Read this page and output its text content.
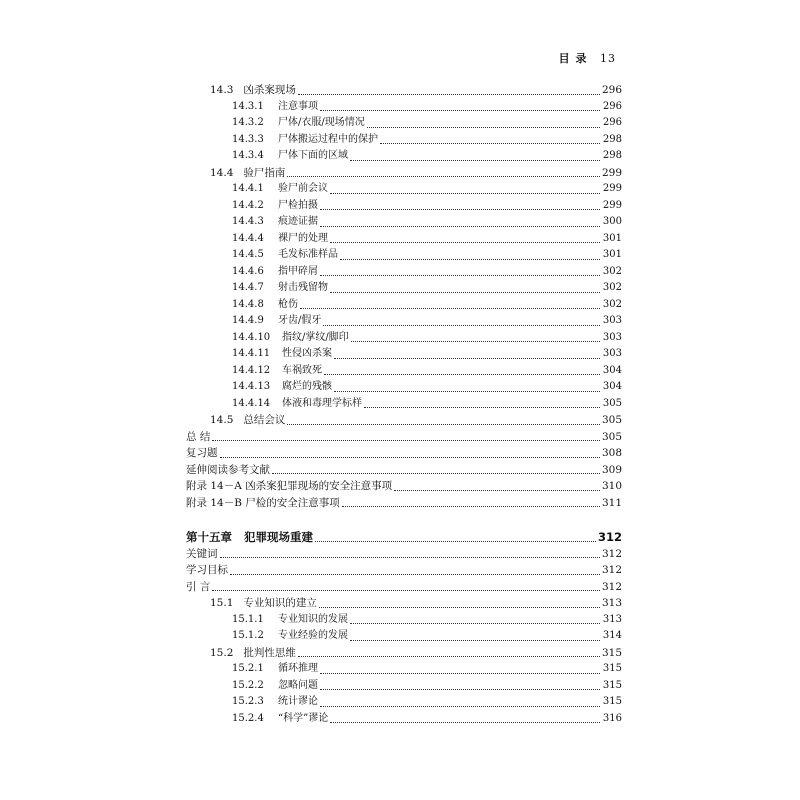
目 录 13
14.3 凶杀案现场	296
14.3.1 注意事项	296
14.3.2 尸体/衣服/现场情况	296
14.3.3 尸体搬运过程中的保护	298
14.3.4 尸体下面的区域	298
14.4 验尸指南	299
14.4.1 验尸前会议	299
14.4.2 尸检拍摄	299
14.4.3 痕迹证据	300
14.4.4 裸尸的处理	301
14.4.5 毛发标准样品	301
14.4.6 指甲碎屑	302
14.4.7 射击残留物	302
14.4.8 枪伤	302
14.4.9 牙齿/假牙	303
14.4.10 指纹/掌纹/脚印	303
14.4.11 性侵凶杀案	303
14.4.12 车祸致死	304
14.4.13 腐烂的残骸	304
14.4.14 体液和毒理学标样	305
14.5 总结会议	305
总 结	305
复习题	308
延伸阅读参考文献	309
附录 14－A 凶杀案犯罪现场的安全注意事项	310
附录 14－B 尸检的安全注意事项	311
第十五章 犯罪现场重建	312
关键词	312
学习目标	312
引 言	312
15.1 专业知识的建立	313
15.1.1 专业知识的发展	313
15.1.2 专业经验的发展	314
15.2 批判性思维	315
15.2.1 循环推理	315
15.2.2 忽略问题	315
15.2.3 统计谬论	315
15.2.4 “科学”谬论	316
